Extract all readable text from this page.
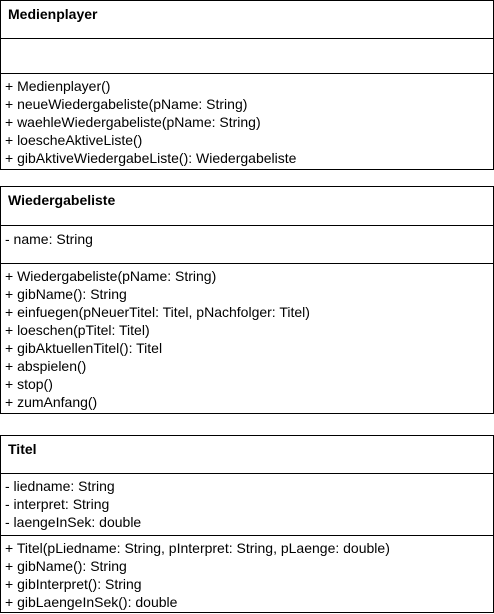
Medienplayer
+ Medienplayer()
+ neueWiedergabeliste(pName: String)
+ waehleWiedergabeliste(pName: String)
+ loescheAktiveListe()
+ gibAktiveWiedergabeListe(): Wiedergabeliste
Wiedergabeliste
- name: String
+ Wiedergabeliste(pName: String)
+ gibName(): String
+ einfuegen(pNeuerTitel: Titel, pNachfolger: Titel)
+ loeschen(pTitel: Titel)
+ gibAktuellenTitel(): Titel
+ abspielen()
+ stop()
+ zumAnfang()
Titel
- liedname: String
- interpret: String
- laengeInSek: double
+ Titel(pLiedname: String, pInterpret: String, pLaenge: double)
+ gibName(): String
+ gibInterpret(): String
+ gibLaengeInSek(): double
